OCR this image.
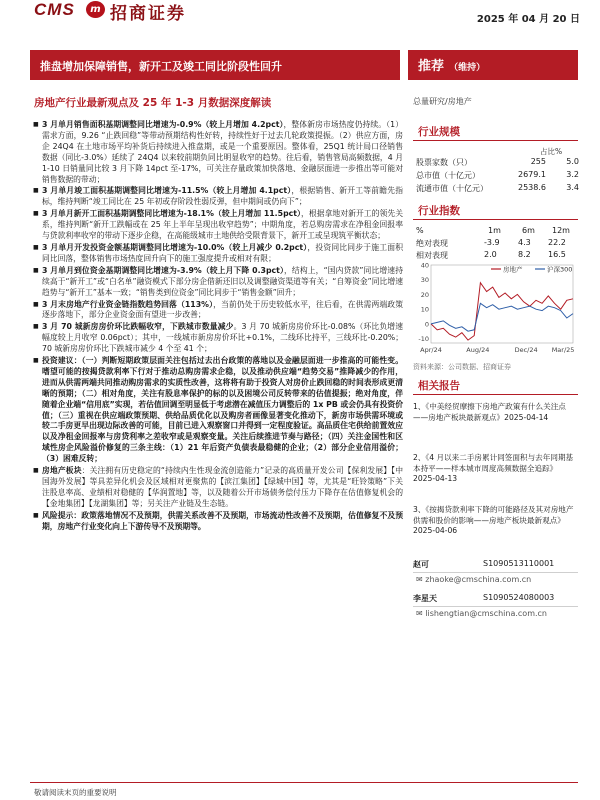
CMS	m 招商证券	2025 年 04 月 20 日
推盘增加保障销售，新开工及竣工同比阶段性回升	推荐 （维持）
房地产行业最新观点及 25 年 1-3 月数据深度解读	总量研究/房地产

■ 3 月单月销售面积基期调整同比增速为-0.9%（较上月增加 4.2pct），整体新房市场热度仍持续。（1）需求方面，9.26 “止跌回稳”等带动预期结构性好转，持续性好于过去几轮政策提振。（2）供应方面，房企 24Q4 在土地市场平均补货后持续进入推盘期，或是一个重要原因。整体看，25Q1 统计局口径销售数据（同比-3.0%）延续了 24Q4 以来较前期负同比明显收窄的趋势。往后看，销售管局高频数据，4 月 1-10 日销量同比较 3 月下降 14pct 至-17%，可关注存量政策加快落地、金融层面进一步推出等可能对销售数据的带动；

■ 3 月单月竣工面积基期调整同比增速为-11.5%（较上月增加 4.1pct），根据销售、新开工等前瞻先指标，维持判断“竣工同比在 25 年初或存阶段性弱反弹，但中期间或仍向下”；

■ 3 月单月新开工面积基期调整同比增速为-18.1%（较上月增加 11.5pct），根据拿地对新开工的领先关系，维持判断“新开工跌幅或在 25 年上半年呈现出收窄趋势”；中期角度，若总购房需求在净租金回报率与贷款利率收窄的带动下逐步企稳，在高能级城市土地供给受限背景下，新开工或呈现筑平衡状态；

■ 3 月单月开发投资金额基期调整同比增速为-10.0%（较上月减少 0.2pct），投资同比同步于施工面积同比回落，整体销售市场热度回升向下的施工强度提升或相对有限；

■ 3 月单月到位资金基期调整同比增速为-3.9%（较上月下降 0.3pct），结构上，“国内贷款”同比增速持续高于“新开工”或“白名单”融资模式下部分房企借新还旧以及调整融资渠道等有关；“自筹资金”同比增速趋势与“新开工”基本一致；“销售类到位资金”同比同步于“销售金额”回升；

■ 3 月末房地产行业资金链指数趋势回落（113%），当前仍处于历史较低水平，往后看，在供需两端政策逐步落地下，部分企业资金面有望进一步改善；

■ 3 月 70 城新房房价环比跌幅收窄，下跌城市数量减少。3 月 70 城新房房价环比-0.08%（环比负增速幅度较上月收窄 0.06pct）；其中，一线城市新房房价环比+0.1%，二线环比持平，三线环比-0.20%；70 城新房房价环比下跌城市减少 4 个至 41 个；

■ 投资建议：（一）判断短期政策层面关注包括过去出台政策的落地以及金融层面进一步推高的可能性变。嗜望可能的按揭贷款利率下行对于推动总购房需求企稳，以及推动供应端“趋势交易”推降减少的作用，进而从供需两端共同推动购房需求的实质性改善，这将将有助于投资人对房价止跌回稳的时间表形成更清晰的预期；（二）相对角度，关注有股息率保护的标的以及困境公司反转带来的估值提振；绝对角度，伴随着企业端“信用底”实现，若估值回调至明显低于考虑潜在减值压力调整后的 1x PB 或会仍具有投资价值；（三）重视在供应端政策预期、供给品质优化以及购房者画像显著变化推动下，新房市场供需环境或较二手房更早出现边际改善的可能，目前已进入观察窗口并得到一定程度验证。高品质住宅供给前置效应以及净租金回报率与房贷利率之差收窄或是观察变量。关注后续推进节奏与路径；（四）关注金国性和区域性房企风险溢价修复的三条主线：（1）21 年后资产负债表最稳健的企业；（2）部分企业信用溢价；（3）困难反转；

■ 房地产板块：关注拥有历史稳定的“持续内生性现金流创造能力”记录的高质量开发公司【保利发展】【中国海外发展】等具差异化机会及区域相对更聚焦的【滨江集团】【绿城中国】等，尤其是“旺铃策略”下关注股息率高、业绩相对稳健的【华润置地】等，以及随着公开市场债务偿付压力下降存在估值修复机会的【金地集团】【龙湖集团】等；另关注产业链及生态链。

■ 风险提示：政策落地情况不及预期，供需关系改善不及预期，市场流动性改善不及预期，估值修复不及预期，房地产行业变化向上下游传导不及预期等。

行业规模
占比%
股票家数（只）	255	5.0
总市值（十亿元）	2679.1	3.2
流通市值（十亿元）	2538.6	3.4
行业指数
%	1m	6m 12m
绝对表现	-3.9 4.3 22.2
相对表现	2.0	8.2 16.5
-10
0
10
20
30
40
Apr/24	Aug/24	Dec/24 Mar/25
房地产	沪深300
资料来源：公司数据、招商证券
相关报告
1、《中美经贸摩擦下房地产政策有什么关注点——房地产板块最新观点》2025-04-14
2、《4 月以来二手房累计同签面积与去年同期基本持平——样本城市周度高频数据全追踪》2025-04-13
3、《按揭贷款利率下降的可能路径及其对房地产供需和股价的影响——房地产板块最新观点》2025-04-06
赵可	S1090513110001
✉ zhaoke@cmschina.com.cn
李星天	S1090524080003
✉ lishengtian@cmschina.com.cn
敬请阅读末页的重要说明
